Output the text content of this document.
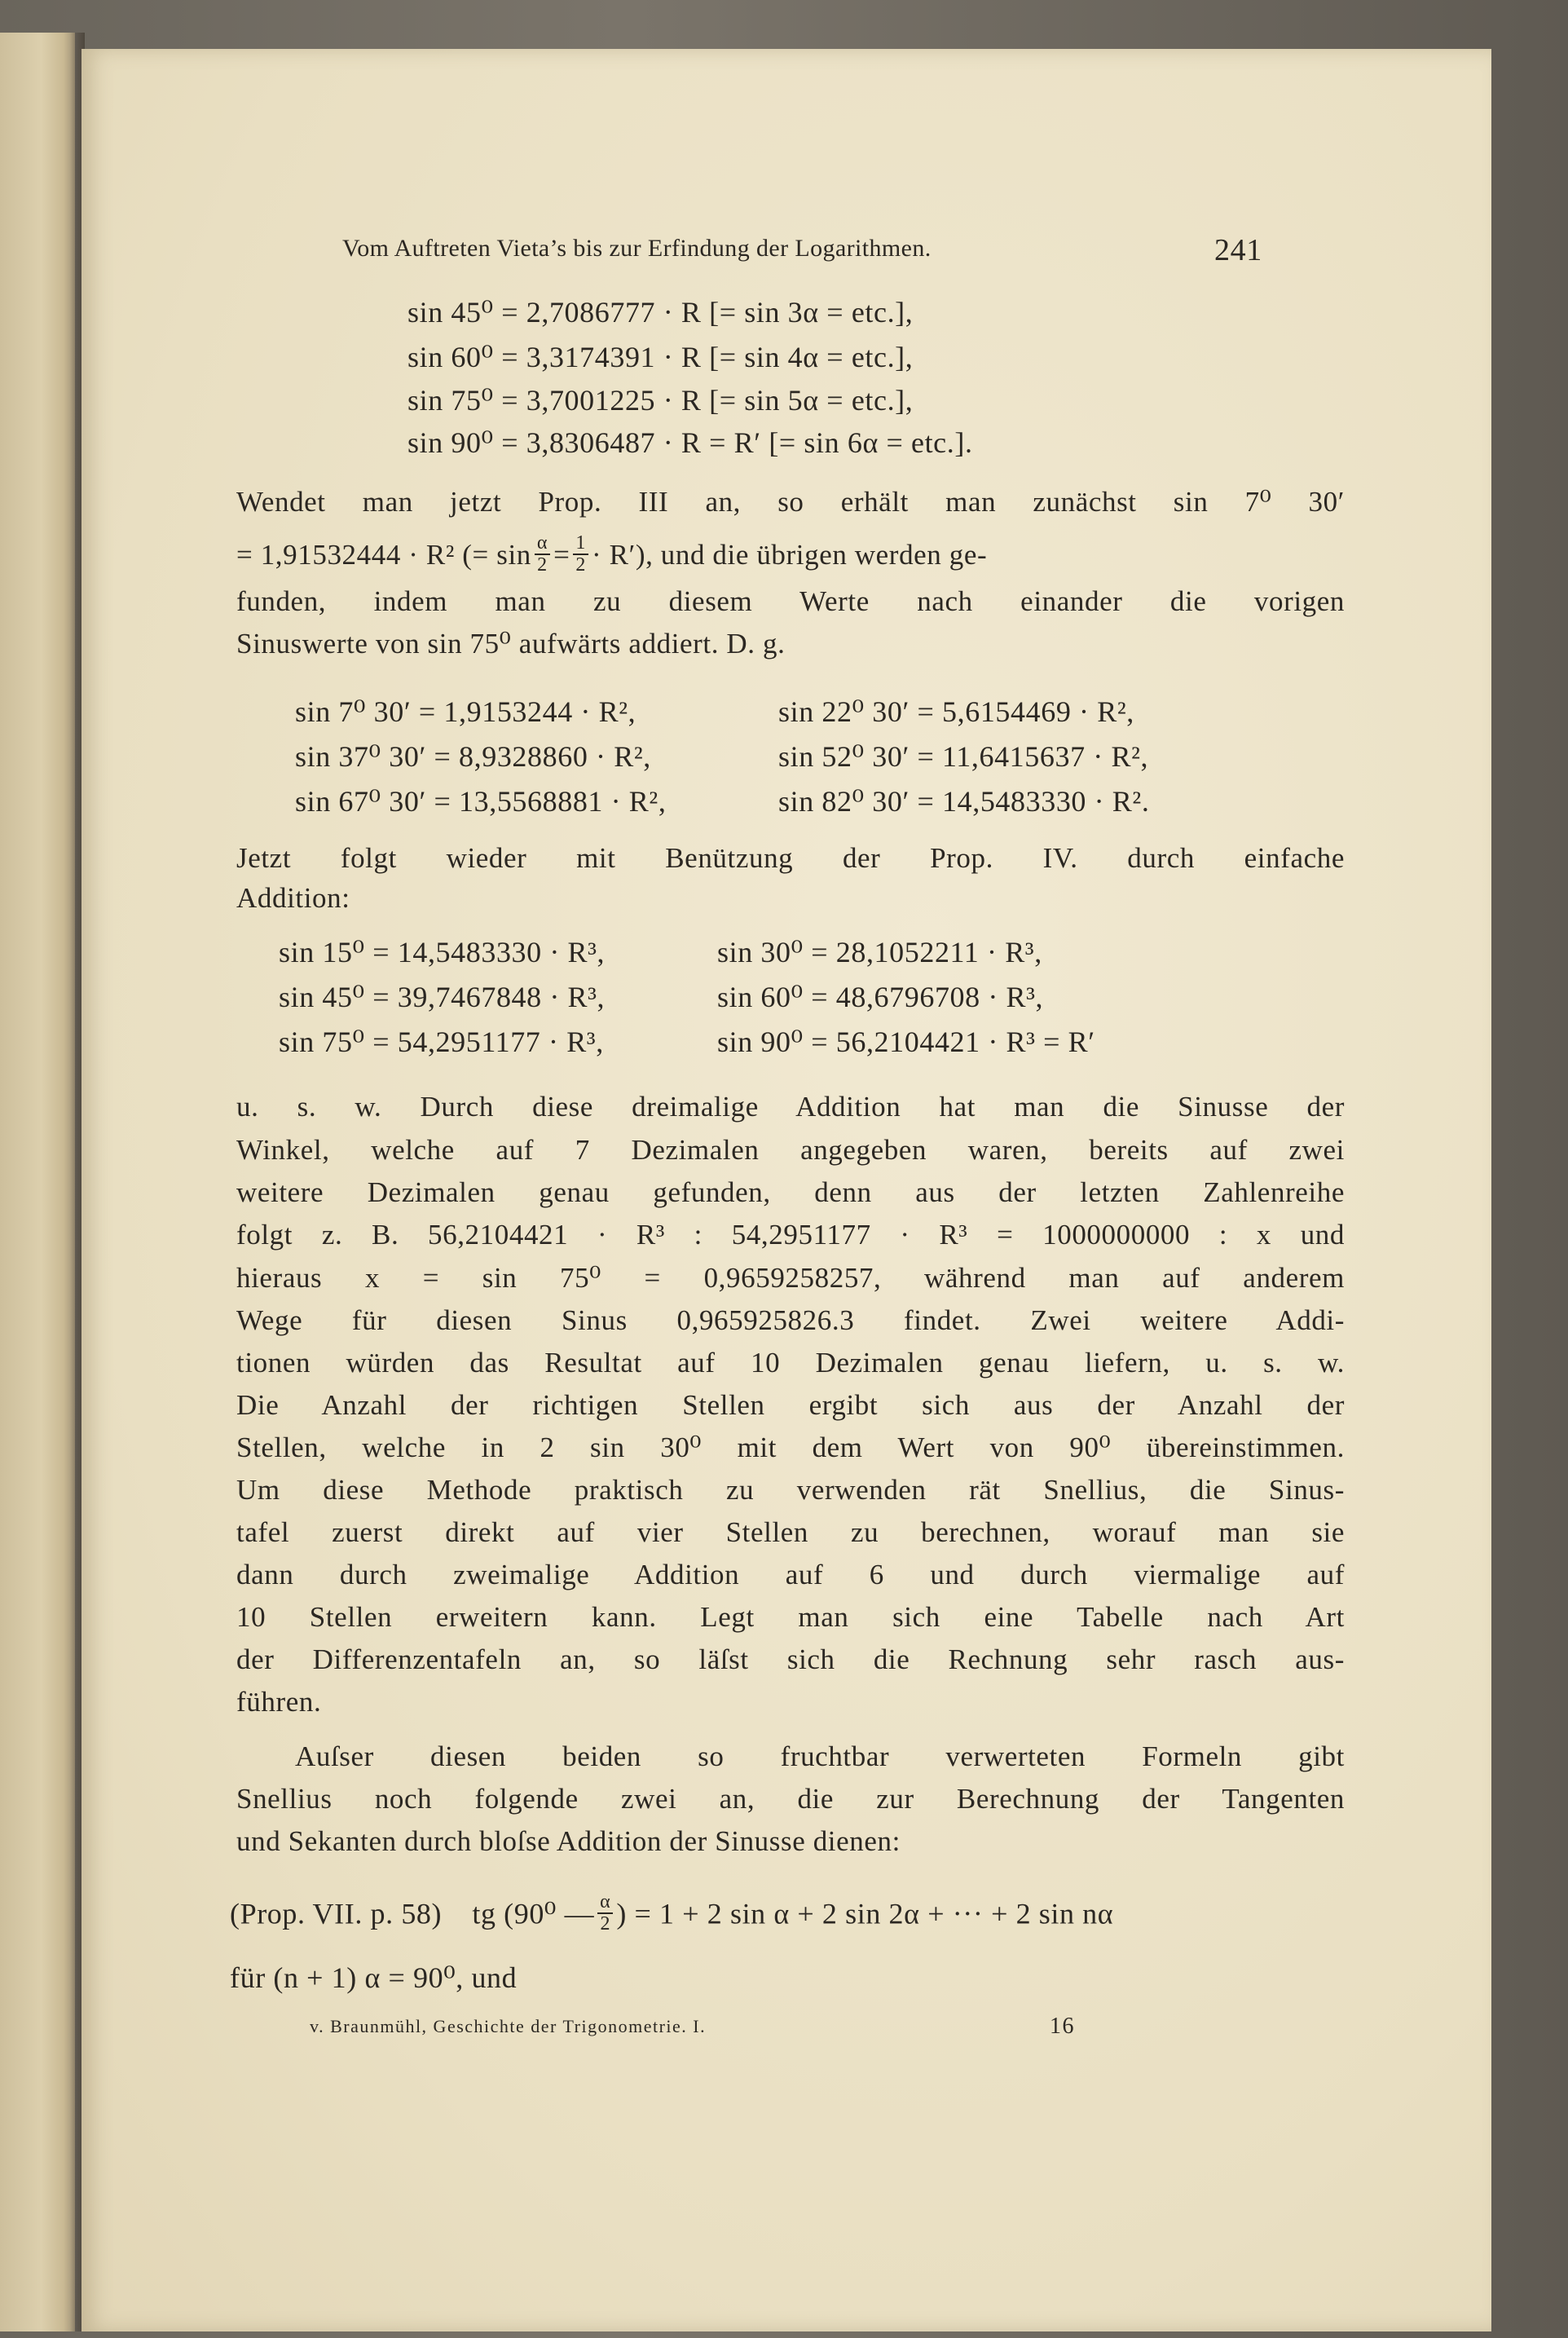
Vom Auftreten Vieta’s bis zur Erfindung der Logarithmen.	241
sin 45⁰ = 2,7086777 · R [= sin 3α = etc.],
sin 60⁰ = 3,3174391 · R [= sin 4α = etc.],
sin 75⁰ = 3,7001225 · R [= sin 5α = etc.],
sin 90⁰ = 3,8306487 · R = R′ [= sin 6α = etc.].
Wendet man jetzt Prop. III an, so erhält man zunächst sin 7⁰ 30′
= 1,91532444 · R² (= $\sin \frac{\alpha}{2} = \frac{1}{2} \cdot R'$), und die übrigen werden ge-
funden, indem man zu diesem Werte nach einander die vorigen
Sinuswerte von sin 75⁰ aufwärts addiert. D. g.
sin 7⁰ 30′ = 1,9153244 · R²,
sin 37⁰ 30′ = 8,9328860 · R²,
sin 67⁰ 30′ = 13,5568881 · R²,
sin 22⁰ 30′ = 5,6154469 · R²,
sin 52⁰ 30′ = 11,6415637 · R²,
sin 82⁰ 30′ = 14,5483330 · R².
Jetzt folgt wieder mit Benützung der Prop. IV. durch einfache
Addition:
sin 15⁰ = 14,5483330 · R³,
sin 45⁰ = 39,7467848 · R³,
sin 75⁰ = 54,2951177 · R³,
sin 30⁰ = 28,1052211 · R³,
sin 60⁰ = 48,6796708 · R³,
sin 90⁰ = 56,2104421 · R³ = R′
u. s. w. Durch diese dreimalige Addition hat man die Sinusse der
Winkel, welche auf 7 Dezimalen angegeben waren, bereits auf zwei
weitere Dezimalen genau gefunden, denn aus der letzten Zahlenreihe
folgt z. B. 56,2104421 · R³ : 54,2951177 · R³ = 1000000000 : x und
hieraus x = sin 75⁰ = 0,9659258257, während man auf anderem
Wege für diesen Sinus 0,965925826.3 findet. Zwei weitere Addi-
tionen würden das Resultat auf 10 Dezimalen genau liefern, u. s. w.
Die Anzahl der richtigen Stellen ergibt sich aus der Anzahl der
Stellen, welche in 2 sin 30⁰ mit dem Wert von 90⁰ übereinstimmen.
Um diese Methode praktisch zu verwenden rät Snellius, die Sinus-
tafel zuerst direkt auf vier Stellen zu berechnen, worauf man sie
dann durch zweimalige Addition auf 6 und durch viermalige auf
10 Stellen erweitern kann. Legt man sich eine Tabelle nach Art
der Differenzentafeln an, so läſst sich die Rechnung sehr rasch aus-
führen.
Auſser diesen beiden so fruchtbar verwerteten Formeln gibt
Snellius noch folgende zwei an, die zur Berechnung der Tangenten
und Sekanten durch bloſse Addition der Sinusse dienen:
(Prop. VII. p. 58) tg (90⁰ — $\frac{\alpha}{2}$ ) = 1 + 2 sin α + 2 sin 2α + ··· + 2 sin nα
für (n + 1) α = 90⁰, und
v. Braunmühl, Geschichte der Trigonometrie. I.	16
